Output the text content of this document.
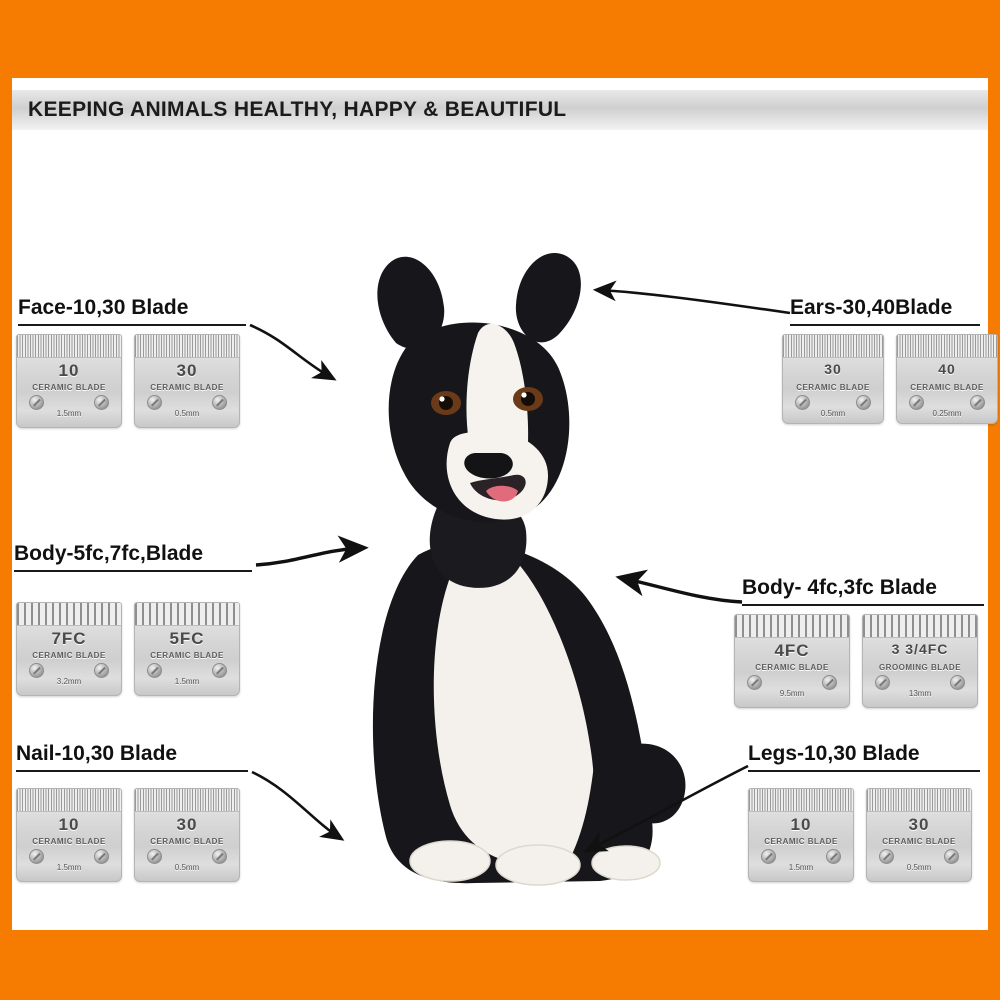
KEEPING ANIMALS HEALTHY, HAPPY & BEAUTIFUL
Face-10,30 Blade
10
CERAMIC BLADE
1.5mm
30
CERAMIC BLADE
0.5mm
Ears-30,40Blade
30
CERAMIC BLADE
0.5mm
40
CERAMIC BLADE
0.25mm
Body-5fc,7fc,Blade
7FC
CERAMIC BLADE
3.2mm
5FC
CERAMIC BLADE
1.5mm
Body- 4fc,3fc Blade
4FC
CERAMIC BLADE
9.5mm
3 3/4FC
GROOMING BLADE
13mm
Nail-10,30 Blade
10
CERAMIC BLADE
1.5mm
30
CERAMIC BLADE
0.5mm
Legs-10,30 Blade
10
CERAMIC BLADE
1.5mm
30
CERAMIC BLADE
0.5mm
